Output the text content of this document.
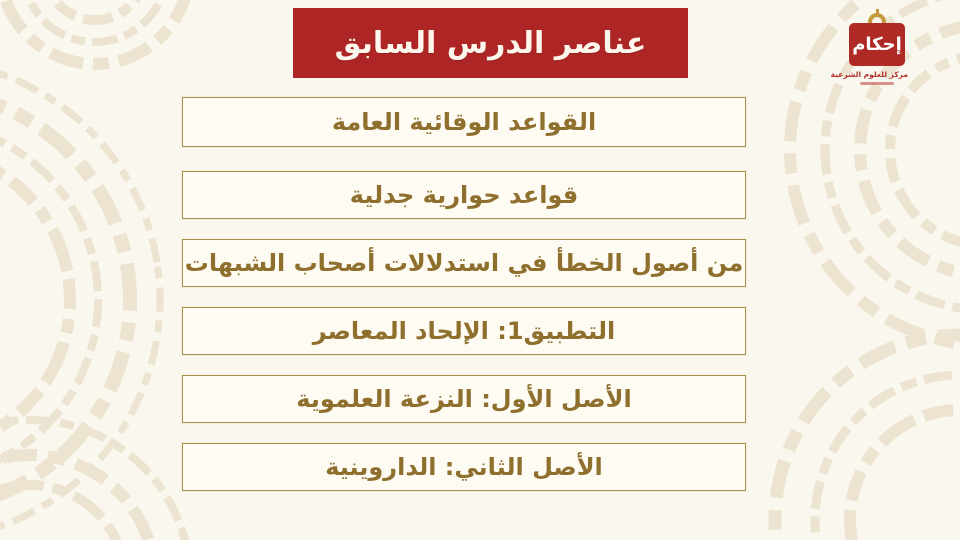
عناصر الدرس السابق	إحكام
مركز للعلوم الشرعية
القواعد الوقائية العامة
قواعد حوارية جدلية
من أصول الخطأ في استدلالات أصحاب الشبهات
التطبيق1: الإلحاد المعاصر
الأصل الأول: النزعة العلموية
الأصل الثاني: الداروينية
